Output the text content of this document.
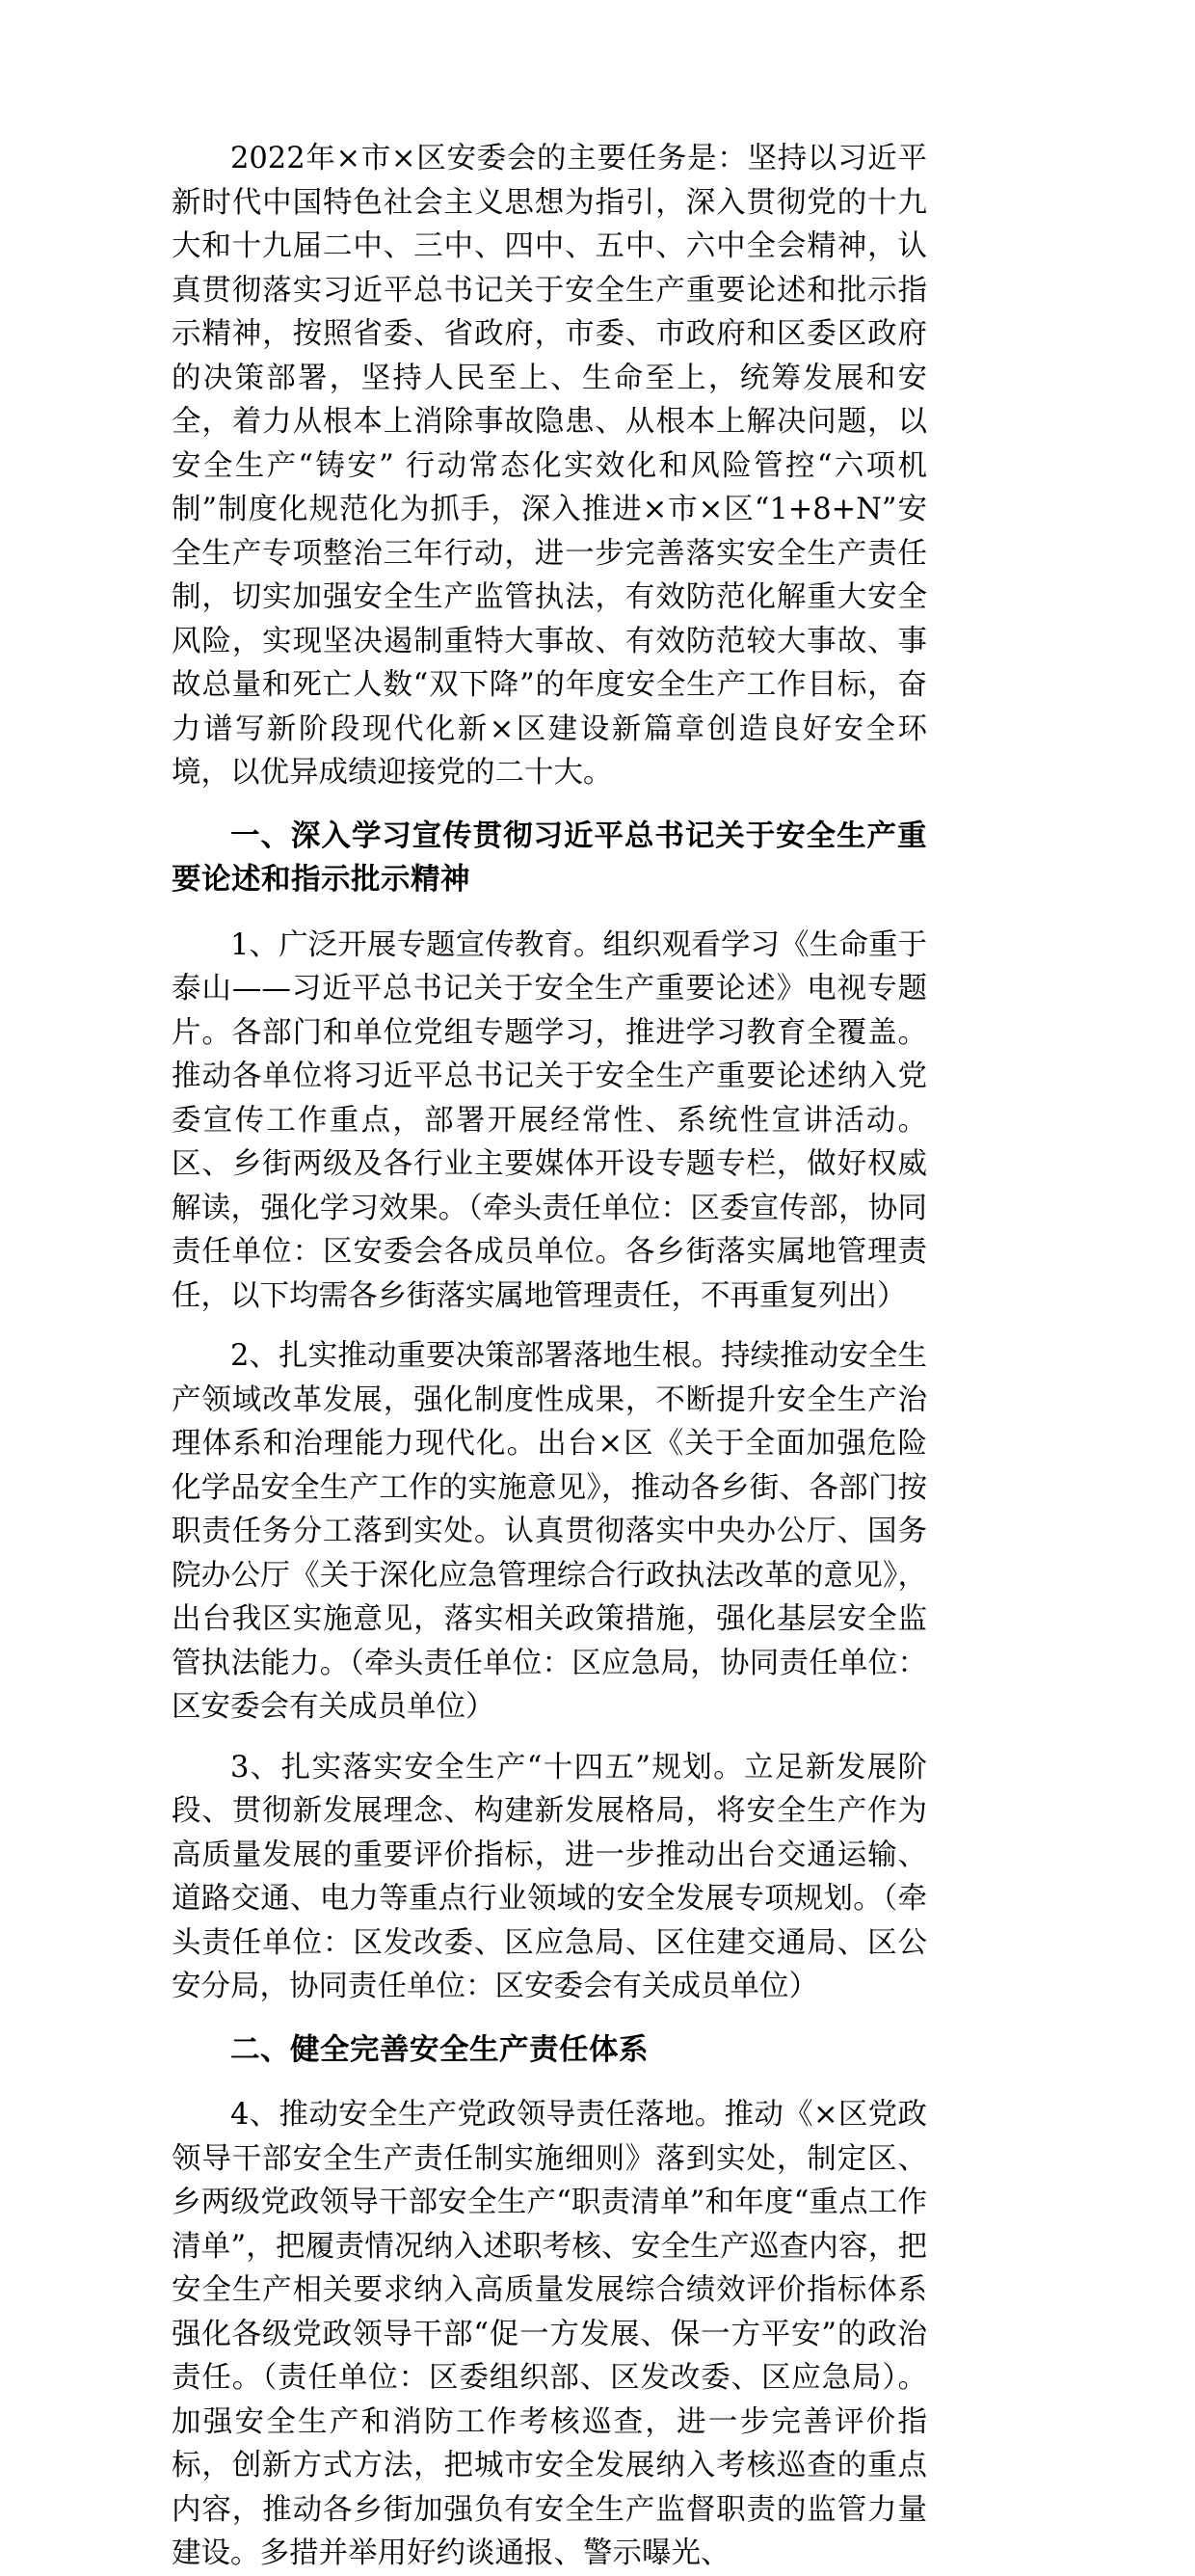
2022年×市×区安委会的主要任务是：坚持以习近平新时代中国特色社会主义思想为指引，深入贯彻党的十九大和十九届二中、三中、四中、五中、六中全会精神，认真贯彻落实习近平总书记关于安全生产重要论述和批示指示精神，按照省委、省政府，市委、市政府和区委区政府的决策部署，坚持人民至上、生命至上，统筹发展和安全，着力从根本上消除事故隐患、从根本上解决问题，以安全生产“铸安” 行动常态化实效化和风险管控“六项机制”制度化规范化为抓手，深入推进×市×区“1+8+N”安全生产专项整治三年行动，进一步完善落实安全生产责任制，切实加强安全生产监管执法，有效防范化解重大安全风险，实现坚决遏制重特大事故、有效防范较大事故、事故总量和死亡人数“双下降”的年度安全生产工作目标，奋力谱写新阶段现代化新×区建设新篇章创造良好安全环境，以优异成绩迎接党的二十大。

一、深入学习宣传贯彻习近平总书记关于安全生产重要论述和指示批示精神

1、广泛开展专题宣传教育。组织观看学习《生命重于泰山——习近平总书记关于安全生产重要论述》电视专题片。各部门和单位党组专题学习，推进学习教育全覆盖。推动各单位将习近平总书记关于安全生产重要论述纳入党委宣传工作重点，部署开展经常性、系统性宣讲活动。区、乡街两级及各行业主要媒体开设专题专栏，做好权威解读，强化学习效果。（牵头责任单位：区委宣传部，协同责任单位：区安委会各成员单位。各乡街落实属地管理责任，以下均需各乡街落实属地管理责任，不再重复列出）

2、扎实推动重要决策部署落地生根。持续推动安全生产领域改革发展，强化制度性成果，不断提升安全生产治理体系和治理能力现代化。出台×区《关于全面加强危险化学品安全生产工作的实施意见》，推动各乡街、各部门按职责任务分工落到实处。认真贯彻落实中央办公厅、国务院办公厅《关于深化应急管理综合行政执法改革的意见》，出台我区实施意见，落实相关政策措施，强化基层安全监管执法能力。（牵头责任单位：区应急局，协同责任单位：区安委会有关成员单位）

3、扎实落实安全生产“十四五”规划。立足新发展阶段、贯彻新发展理念、构建新发展格局，将安全生产作为高质量发展的重要评价指标，进一步推动出台交通运输、道路交通、电力等重点行业领域的安全发展专项规划。（牵头责任单位：区发改委、区应急局、区住建交通局、区公安分局，协同责任单位：区安委会有关成员单位）

二、健全完善安全生产责任体系

4、推动安全生产党政领导责任落地。推动《×区党政领导干部安全生产责任制实施细则》落到实处，制定区、乡两级党政领导干部安全生产“职责清单”和年度“重点工作清单”，把履责情况纳入述职考核、安全生产巡查内容，把安全生产相关要求纳入高质量发展综合绩效评价指标体系强化各级党政领导干部“促一方发展、保一方平安”的政治责任。（责任单位：区委组织部、区发改委、区应急局）。加强安全生产和消防工作考核巡查，进一步完善评价指标，创新方式方法，把城市安全发展纳入考核巡查的重点内容，推动各乡街加强负有安全生产监督职责的监管力量建设。多措并举用好约谈通报、警示曝光、
